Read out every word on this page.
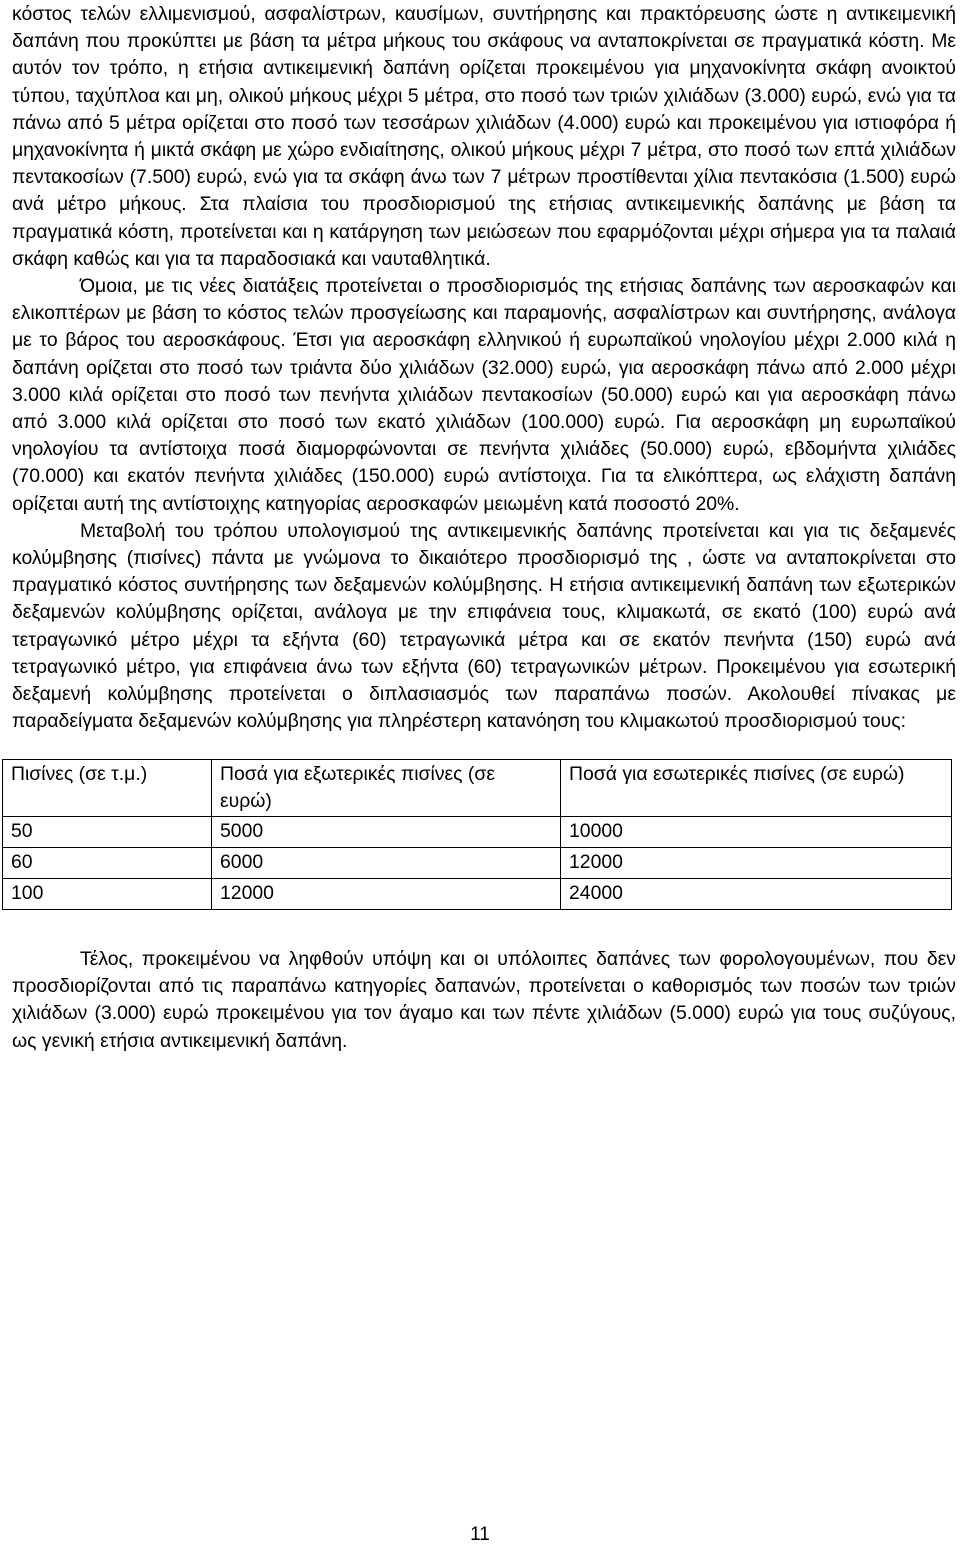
κόστος τελών ελλιμενισμού, ασφαλίστρων, καυσίμων, συντήρησης και πρακτόρευσης ώστε η αντικειμενική δαπάνη που προκύπτει με βάση τα μέτρα μήκους του σκάφους να ανταποκρίνεται σε πραγματικά κόστη. Με αυτόν τον τρόπο, η ετήσια αντικειμενική δαπάνη ορίζεται προκειμένου για μηχανοκίνητα σκάφη ανοικτού τύπου, ταχύπλοα και μη, ολικού μήκους μέχρι 5 μέτρα, στο ποσό των τριών χιλιάδων (3.000) ευρώ, ενώ για τα πάνω από 5 μέτρα ορίζεται στο ποσό των τεσσάρων χιλιάδων (4.000) ευρώ και προκειμένου για ιστιοφόρα ή μηχανοκίνητα ή μικτά σκάφη με χώρο ενδιαίτησης, ολικού μήκους μέχρι 7 μέτρα, στο ποσό των επτά χιλιάδων πεντακοσίων (7.500) ευρώ, ενώ για τα σκάφη άνω των 7 μέτρων προστίθενται χίλια πεντακόσια (1.500) ευρώ ανά μέτρο μήκους. Στα πλαίσια του προσδιορισμού της ετήσιας αντικειμενικής δαπάνης με βάση τα πραγματικά κόστη, προτείνεται και η κατάργηση των μειώσεων που εφαρμόζονται μέχρι σήμερα για τα παλαιά σκάφη καθώς και για τα παραδοσιακά και ναυταθλητικά.

Όμοια, με τις νέες διατάξεις προτείνεται ο προσδιορισμός της ετήσιας δαπάνης των αεροσκαφών και ελικοπτέρων με βάση το κόστος τελών προσγείωσης και παραμονής, ασφαλίστρων και συντήρησης, ανάλογα με το βάρος του αεροσκάφους. Έτσι για αεροσκάφη ελληνικού ή ευρωπαϊκού νηολογίου μέχρι 2.000 κιλά η δαπάνη ορίζεται στο ποσό των τριάντα δύο χιλιάδων (32.000) ευρώ, για αεροσκάφη πάνω από 2.000 μέχρι 3.000 κιλά ορίζεται στο ποσό των πενήντα χιλιάδων πεντακοσίων (50.000) ευρώ και για αεροσκάφη πάνω από 3.000 κιλά ορίζεται στο ποσό των εκατό χιλιάδων (100.000) ευρώ. Για αεροσκάφη μη ευρωπαϊκού νηολογίου τα αντίστοιχα ποσά διαμορφώνονται σε πενήντα χιλιάδες (50.000) ευρώ, εβδομήντα χιλιάδες (70.000) και εκατόν πενήντα χιλιάδες (150.000) ευρώ αντίστοιχα. Για τα ελικόπτερα, ως ελάχιστη δαπάνη ορίζεται αυτή της αντίστοιχης κατηγορίας αεροσκαφών μειωμένη κατά ποσοστό 20%.

Μεταβολή του τρόπου υπολογισμού της αντικειμενικής δαπάνης προτείνεται και για τις δεξαμενές κολύμβησης (πισίνες) πάντα με γνώμονα το δικαιότερο προσδιορισμό της , ώστε να ανταποκρίνεται στο πραγματικό κόστος συντήρησης των δεξαμενών κολύμβησης. Η ετήσια αντικειμενική δαπάνη των εξωτερικών δεξαμενών κολύμβησης ορίζεται, ανάλογα με την επιφάνεια τους, κλιμακωτά, σε εκατό (100) ευρώ ανά τετραγωνικό μέτρο μέχρι τα εξήντα (60) τετραγωνικά μέτρα και σε εκατόν πενήντα (150) ευρώ ανά τετραγωνικό μέτρο, για επιφάνεια άνω των εξήντα (60) τετραγωνικών μέτρων. Προκειμένου για εσωτερική δεξαμενή κολύμβησης προτείνεται ο διπλασιασμός των παραπάνω ποσών. Ακολουθεί πίνακας με παραδείγματα δεξαμενών κολύμβησης για πληρέστερη κατανόηση του κλιμακωτού προσδιορισμού τους:

Πισίνες (σε τ.μ.)	Ποσά για εξωτερικές πισίνες (σε ευρώ)	Ποσά για εσωτερικές πισίνες (σε ευρώ)
50	5000	10000
60	6000	12000
100	12000	24000

Τέλος, προκειμένου να ληφθούν υπόψη και οι υπόλοιπες δαπάνες των φορολογουμένων, που δεν προσδιορίζονται από τις παραπάνω κατηγορίες δαπανών, προτείνεται ο καθορισμός των ποσών των τριών χιλιάδων (3.000) ευρώ προκειμένου για τον άγαμο και των πέντε χιλιάδων (5.000) ευρώ για τους συζύγους, ως γενική ετήσια αντικειμενική δαπάνη.

11
